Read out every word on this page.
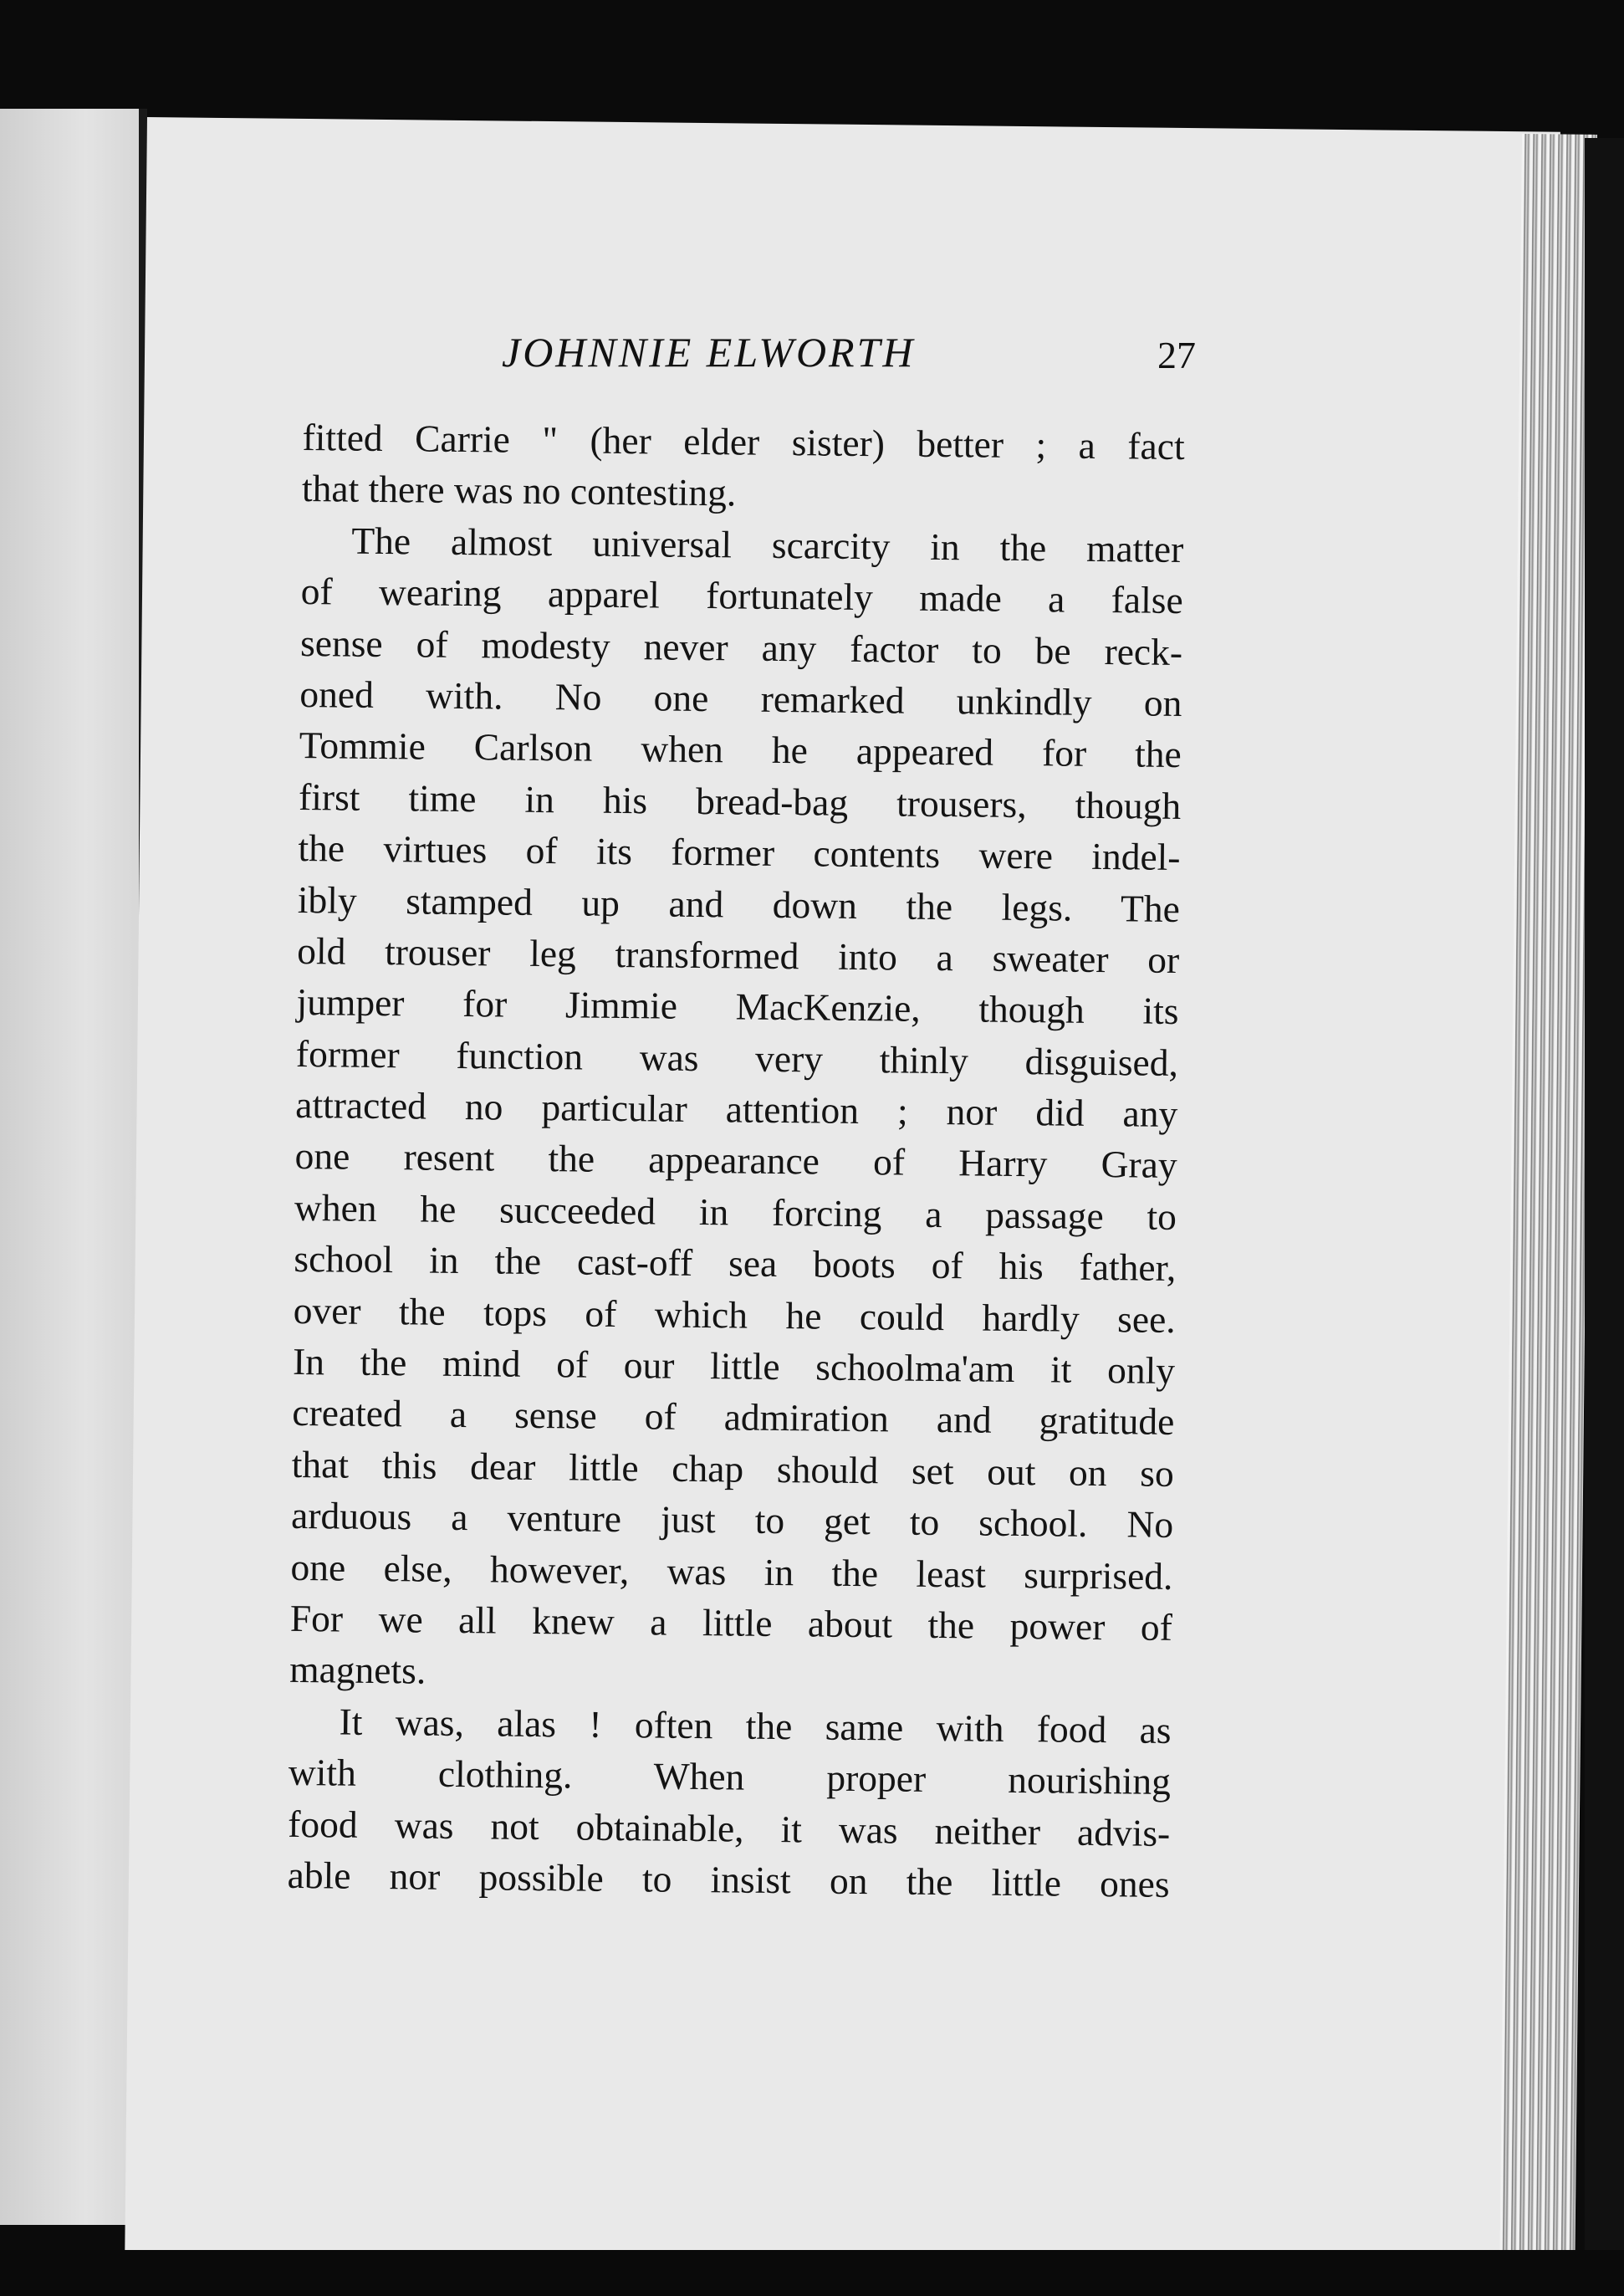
JOHNNIE ELWORTH	27
fitted Carrie " (her elder sister) better ; a fact
that there was no contesting.
The almost universal scarcity in the matter
of wearing apparel fortunately made a false
sense of modesty never any factor to be reck-
oned with. No one remarked unkindly on
Tommie Carlson when he appeared for the
first time in his bread-bag trousers, though
the virtues of its former contents were indel-
ibly stamped up and down the legs. The
old trouser leg transformed into a sweater or
jumper for Jimmie MacKenzie, though its
former function was very thinly disguised,
attracted no particular attention ; nor did any
one resent the appearance of Harry Gray
when he succeeded in forcing a passage to
school in the cast-off sea boots of his father,
over the tops of which he could hardly see.
In the mind of our little schoolma'am it only
created a sense of admiration and gratitude
that this dear little chap should set out on so
arduous a venture just to get to school. No
one else, however, was in the least surprised.
For we all knew a little about the power of
magnets.
It was, alas ! often the same with food as
with clothing. When proper nourishing
food was not obtainable, it was neither advis-
able nor possible to insist on the little ones
